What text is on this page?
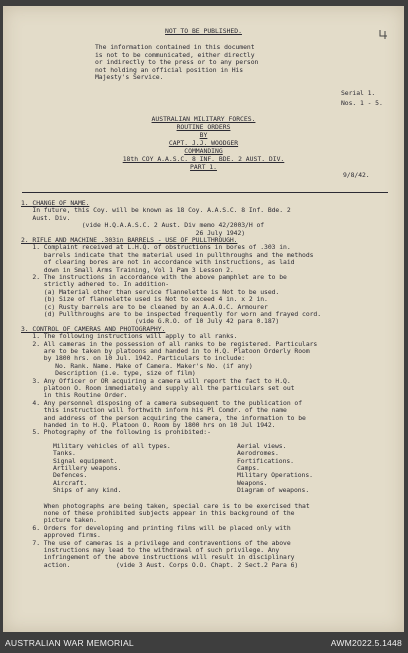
NOT TO BE PUBLISHED.
The information contained in this document
is not to be communicated, either directly
or indirectly to the press or to any person
not holding an official position in His
Majesty's Service.
Serial 1.
Nos. 1 - 5.
AUSTRALIAN MILITARY FORCES.
ROUTINE ORDERS
BY
CAPT. J.J. WOODGER
COMMANDING
18th COY A.A.S.C. 8 INF. BDE. 2 AUST. DIV.
PART 1.
9/8/42.
1. CHANGE OF NAME.
In future, this Coy. will be known as 18 Coy. A.A.S.C. 8 Inf. Bde. 2
Aust. Div.
(vide H.Q.A.A.S.C. 2 Aust. Div memo 42/2003/H of
26 July 1942)
2. RIFLE AND MACHINE .303in BARRELS - USE OF PULLTHROUGH.
1. Complaint received at L.H.Q. of obstructions in bores of .303 in.
barrels indicate that the material used in pullthroughs and the methods
of clearing bores are not in accordance with instructions, as laid
down in Small Arms Training, Vol 1 Pam 3 Lesson 2.
2. The instructions in accordance with the above pamphlet are to be
strictly adhered to. In addition-
(a) Material other than service flannelette is Not to be used.
(b) Size of flannelette used is Not to exceed 4 in. x 2 in.
(c) Rusty barrels are to be cleaned by an A.A.O.C. Armourer
(d) Pullthroughs are to be inspected frequently for worn and frayed cord.
(vide G.R.O. of 10 July 42 para 0.187)
3. CONTROL OF CAMERAS AND PHOTOGRAPHY.
1. The following instructions will apply to all ranks.
2. All cameras in the possession of all ranks to be registered. Particulars
are to be taken by platoons and handed in to H.Q. Platoon Orderly Room
by 1800 hrs. on 10 Jul. 1942. Particulars to include:
No. Rank. Name. Make of Camera. Maker's No. (if any)
Description (i.e. type, size of film)
3. Any Officer or OR acquiring a camera will report the fact to H.Q.
platoon O. Room immediately and supply all the particulars set out
in this Routine Order.
4. Any personnel disposing of a camera subsequent to the publication of
this instruction will forthwith inform his Pl Comdr. of the name
and address of the person acquiring the camera, the information to be
handed in to H.Q. Platoon O. Room by 1800 hrs on 10 Jul 1942.
5. Photography of the following is prohibited:-
Military vehicles of all types.
Tanks.
Signal equipment.
Artillery weapons.
Defences.
Aircraft.
Ships of any kind.
Aerial views.
Aerodromes.
Fortifications.
Camps.
Military Operations.
Weapons.
Diagram of weapons.
When photographs are being taken, special care is to be exercised that
none of these prohibited subjects appear in this background of the
picture taken.
6. Orders for developing and printing films will be placed only with
approved firms.
7. The use of cameras is a privilege and contraventions of the above
instructions may lead to the withdrawal of such privilege. Any
infringement of the above instructions will result in disciplinary
action.            (vide 3 Aust. Corps O.O. Chapt. 2 Sect.2 Para 6)
AUSTRALIAN WAR MEMORIAL	AWM2022.5.1448
